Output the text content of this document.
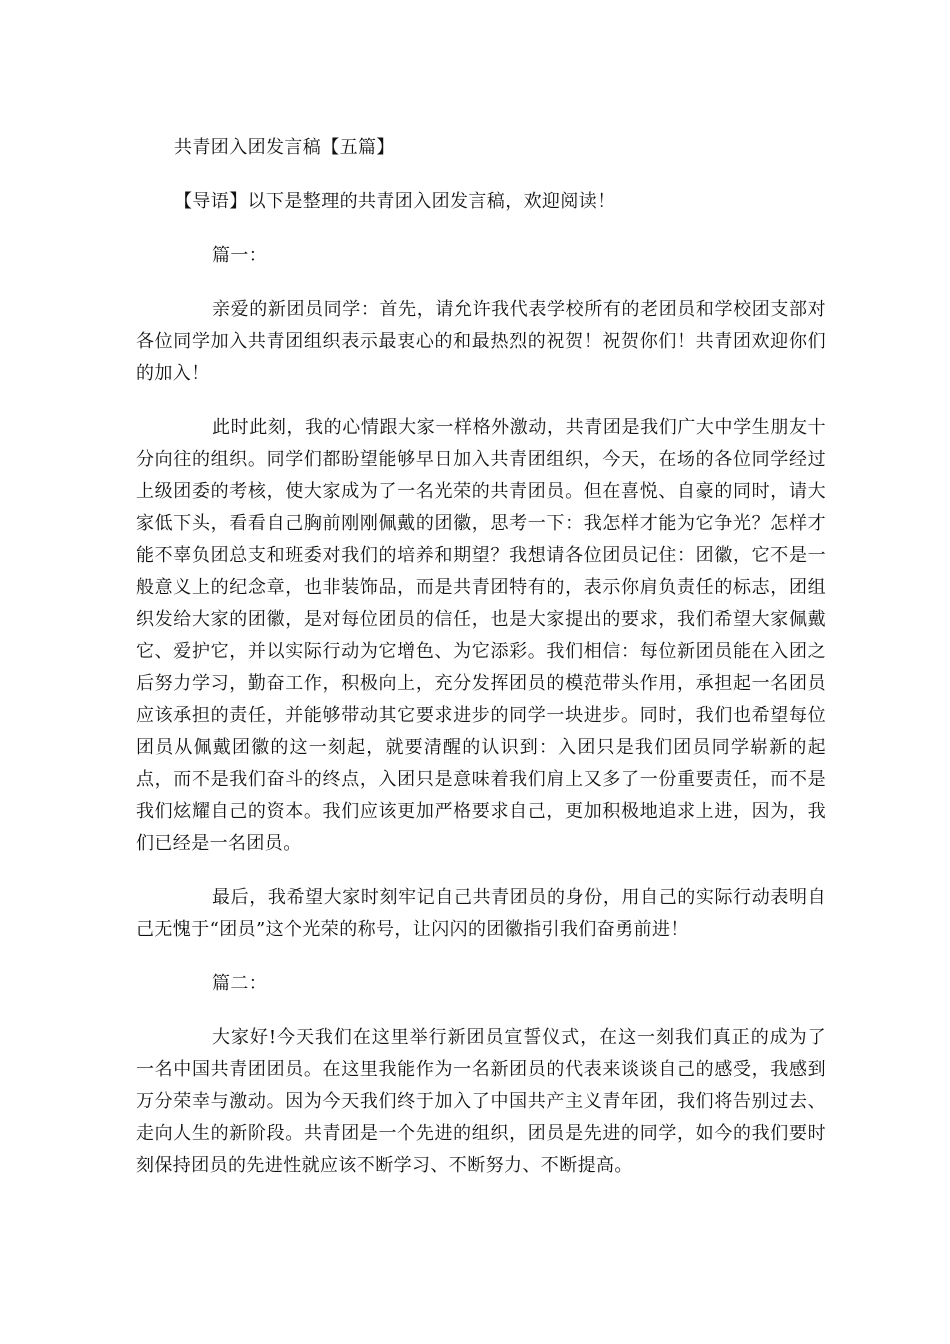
共青团入团发言稿【五篇】

【导语】以下是整理的共青团入团发言稿，欢迎阅读！

篇一：

亲爱的新团员同学：首先，请允许我代表学校所有的老团员和学校团支部对各位同学加入共青团组织表示最衷心的和最热烈的祝贺！祝贺你们！共青团欢迎你们的加入！

此时此刻，我的心情跟大家一样格外激动，共青团是我们广大中学生朋友十分向往的组织。同学们都盼望能够早日加入共青团组织，今天，在场的各位同学经过上级团委的考核，使大家成为了一名光荣的共青团员。但在喜悦、自豪的同时，请大家低下头，看看自己胸前刚刚佩戴的团徽，思考一下：我怎样才能为它争光？怎样才能不辜负团总支和班委对我们的培养和期望？我想请各位团员记住：团徽，它不是一般意义上的纪念章，也非装饰品，而是共青团特有的，表示你肩负责任的标志，团组织发给大家的团徽，是对每位团员的信任，也是大家提出的要求，我们希望大家佩戴它、爱护它，并以实际行动为它增色、为它添彩。我们相信：每位新团员能在入团之后努力学习，勤奋工作，积极向上，充分发挥团员的模范带头作用，承担起一名团员应该承担的责任，并能够带动其它要求进步的同学一块进步。同时，我们也希望每位团员从佩戴团徽的这一刻起，就要清醒的认识到：入团只是我们团员同学崭新的起点，而不是我们奋斗的终点，入团只是意味着我们肩上又多了一份重要责任，而不是我们炫耀自己的资本。我们应该更加严格要求自己，更加积极地追求上进，因为，我们已经是一名团员。

最后，我希望大家时刻牢记自己共青团员的身份，用自己的实际行动表明自己无愧于“团员”这个光荣的称号，让闪闪的团徽指引我们奋勇前进！

篇二：

大家好!今天我们在这里举行新团员宣誓仪式，在这一刻我们真正的成为了一名中国共青团团员。在这里我能作为一名新团员的代表来谈谈自己的感受，我感到万分荣幸与激动。因为今天我们终于加入了中国共产主义青年团，我们将告别过去、走向人生的新阶段。共青团是一个先进的组织，团员是先进的同学，如今的我们要时刻保持团员的先进性就应该不断学习、不断努力、不断提高。
